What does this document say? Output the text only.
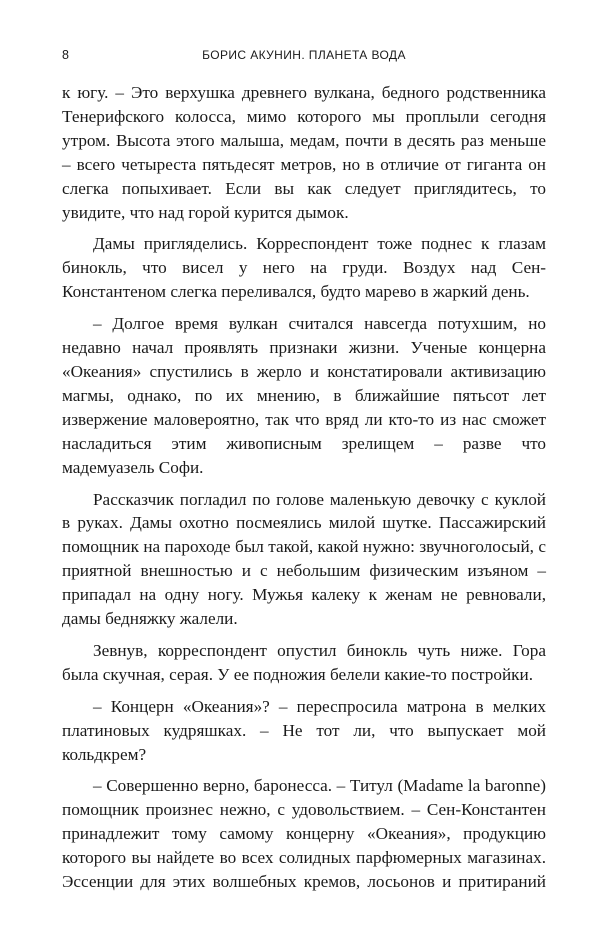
8	БОРИС АКУНИН. ПЛАНЕТА ВОДА

к югу. – Это верхушка древнего вулкана, бедного родственника Тенерифского колосса, мимо которого мы проплыли сегодня утром. Высота этого малыша, медам, почти в десять раз меньше – всего четыреста пятьдесят метров, но в отличие от гиганта он слегка попыхивает. Если вы как следует приглядитесь, то увидите, что над горой курится дымок.

Дамы пригляделись. Корреспондент тоже поднес к глазам бинокль, что висел у него на груди. Воздух над Сен-Константеном слегка переливался, будто марево в жаркий день.

– Долгое время вулкан считался навсегда потухшим, но недавно начал проявлять признаки жизни. Ученые концерна «Океания» спустились в жерло и констатировали активизацию магмы, однако, по их мнению, в ближайшие пятьсот лет извержение маловероятно, так что вряд ли кто-то из нас сможет насладиться этим живописным зрелищем – разве что мадемуазель Софи.

Рассказчик погладил по голове маленькую девочку с куклой в руках. Дамы охотно посмеялись милой шутке. Пассажирский помощник на пароходе был такой, какой нужно: звучноголосый, с приятной внешностью и с небольшим физическим изъяном – припадал на одну ногу. Мужья калеку к женам не ревновали, дамы бедняжку жалели.

Зевнув, корреспондент опустил бинокль чуть ниже. Гора была скучная, серая. У ее подножия белели какие-то постройки.

– Концерн «Океания»? – переспросила матрона в мелких платиновых кудряшках. – Не тот ли, что выпускает мой кольдкрем?

– Совершенно верно, баронесса. – Титул (Madame la baronne) помощник произнес нежно, с удовольствием. – Сен-Константен принадлежит тому самому концерну «Океания», продукцию которого вы найдете во всех солидных парфюмерных магазинах. Эссенции для этих волшебных кремов, лосьонов и притираний
